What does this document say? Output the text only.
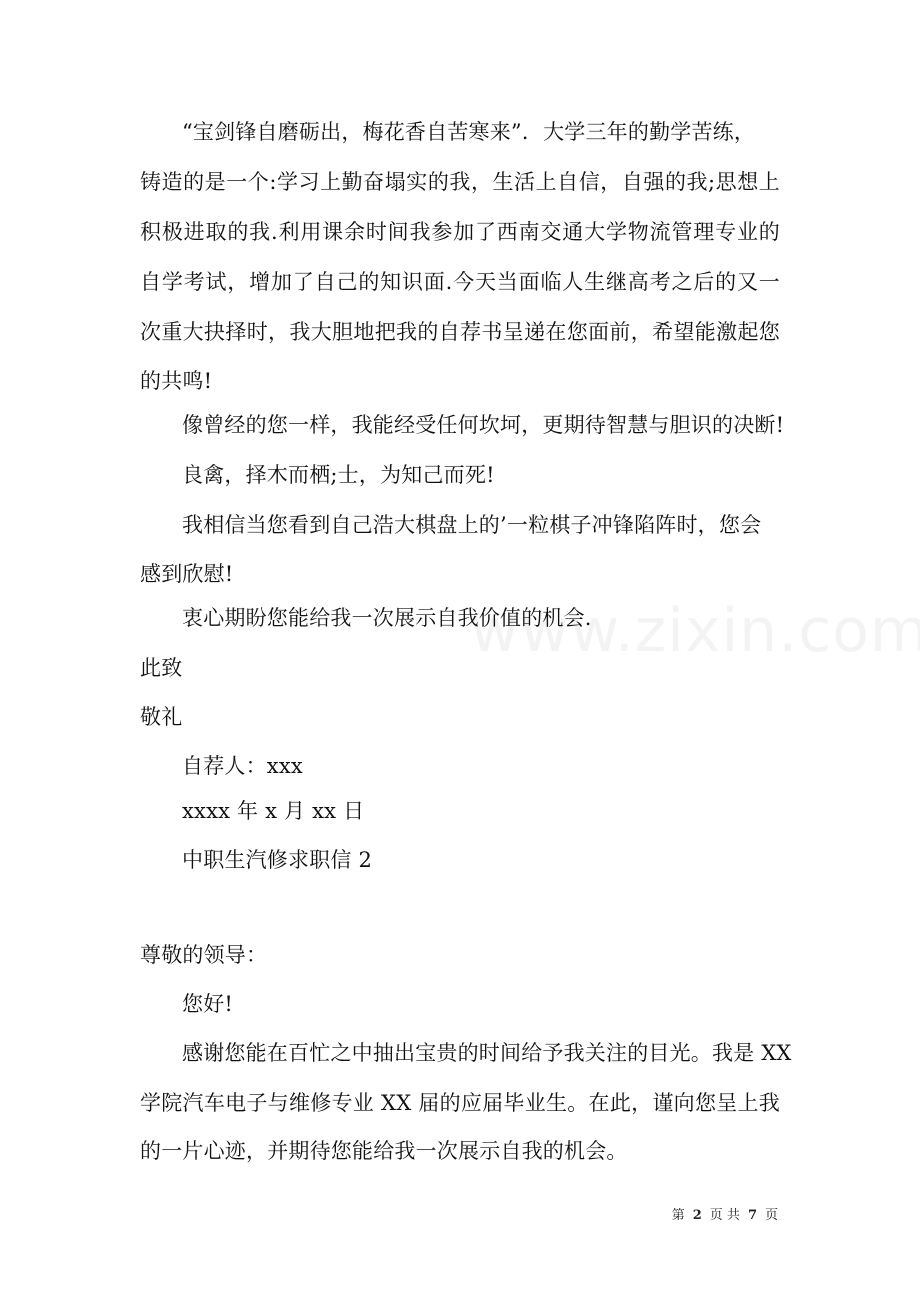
“宝剑锋自磨砺出，梅花香自苦寒来”．大学三年的勤学苦练，
铸造的是一个:学习上勤奋塌实的我，生活上自信，自强的我;思想上
积极进取的我.利用课余时间我参加了西南交通大学物流管理专业的
自学考试，增加了自己的知识面.今天当面临人生继高考之后的又一
次重大抉择时，我大胆地把我的自荐书呈递在您面前，希望能激起您
的共鸣!
像曾经的您一样，我能经受任何坎坷，更期待智慧与胆识的决断!
良禽，择木而栖;士，为知己而死!
我相信当您看到自己浩大棋盘上的’一粒棋子冲锋陷阵时，您会
感到欣慰!
衷心期盼您能给我一次展示自我价值的机会.
此致
敬礼
自荐人：xxx
xxxx 年 x 月 xx 日
中职生汽修求职信 2
尊敬的领导：
您好!
感谢您能在百忙之中抽出宝贵的时间给予我关注的目光。我是 XX
学院汽车电子与维修专业 XX 届的应届毕业生。在此，谨向您呈上我
的一片心迹，并期待您能给我一次展示自我的机会。
第 2 页 共 7 页
